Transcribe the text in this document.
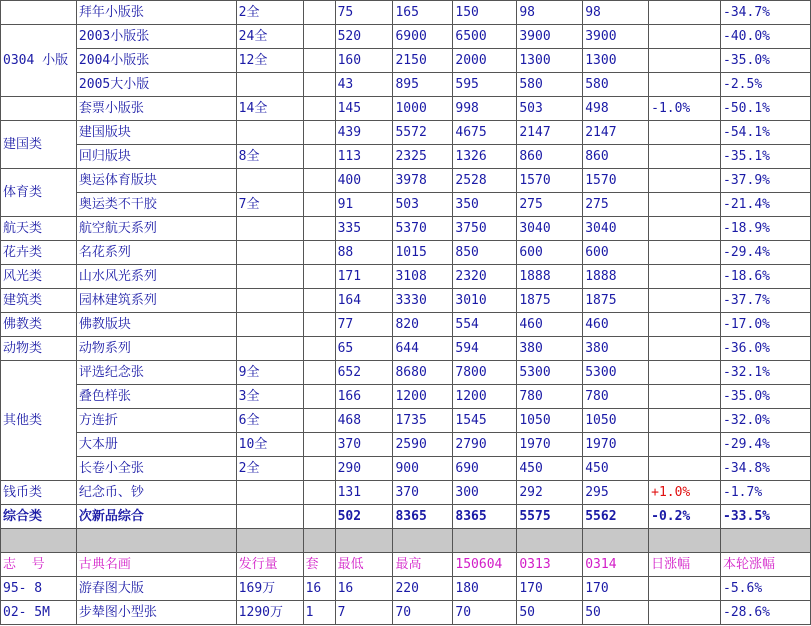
	拜年小版张	2全		75	165	150	98	98		-34.7%
0304 小版	2003小版张	24全		520	6900	6500	3900	3900		-40.0%
	2004小版张	12全		160	2150	2000	1300	1300		-35.0%
	2005大小版			43	895	595	580	580		-2.5%
	套票小版张	14全		145	1000	998	503	498	-1.0%	-50.1%
建国类	建国版块			439	5572	4675	2147	2147		-54.1%
	回归版块	8全		113	2325	1326	860	860		-35.1%
体育类	奥运体育版块			400	3978	2528	1570	1570		-37.9%
	奥运类不干胶	7全		91	503	350	275	275		-21.4%
航天类	航空航天系列			335	5370	3750	3040	3040		-18.9%
花卉类	名花系列			88	1015	850	600	600		-29.4%
风光类	山水风光系列			171	3108	2320	1888	1888		-18.6%
建筑类	园林建筑系列			164	3330	3010	1875	1875		-37.7%
佛教类	佛教版块			77	820	554	460	460		-17.0%
动物类	动物系列			65	644	594	380	380		-36.0%
其他类	评选纪念张	9全		652	8680	7800	5300	5300		-32.1%
	叠色样张	3全		166	1200	1200	780	780		-35.0%
	方连折	6全		468	1735	1545	1050	1050		-32.0%
	大本册	10全		370	2590	2790	1970	1970		-29.4%
	长卷小全张	2全		290	900	690	450	450		-34.8%
钱币类	纪念币、钞			131	370	300	292	295	+1.0%	-1.7%
综合类	次新品综合			502	8365	8365	5575	5562	-0.2%	-33.5%

志  号	古典名画	发行量	套	最低	最高	150604	0313	0314	日涨幅	本轮涨幅
95- 8	游春图大版	169万	16	16	220	180	170	170		-5.6%
02- 5M	步辇图小型张	1290万	1	7	70	70	50	50		-28.6%
